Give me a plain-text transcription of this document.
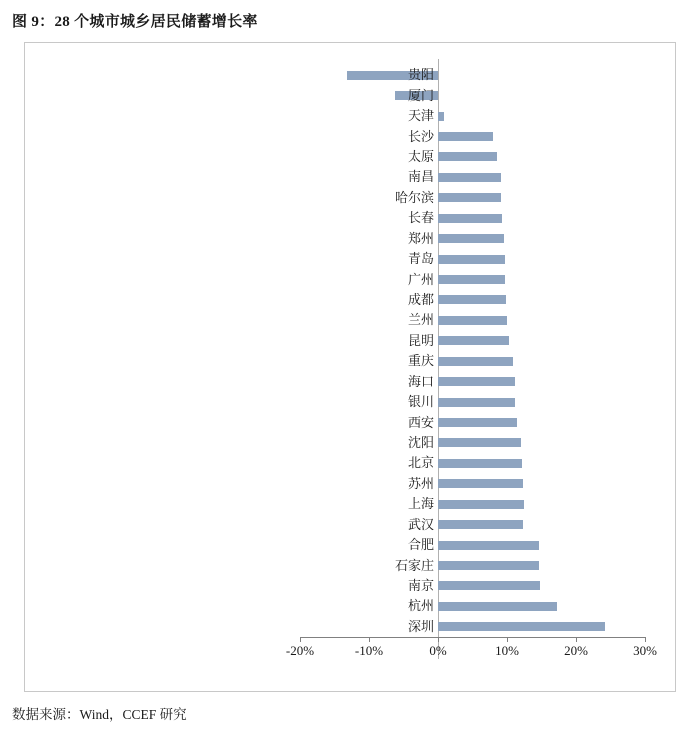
图 9：28 个城市城乡居民储蓄增长率
贵阳
厦门
天津
长沙
太原
南昌
哈尔滨
长春
郑州
青岛
广州
成都
兰州
昆明
重庆
海口
银川
西安
沈阳
北京
苏州
上海
武汉
合肥
石家庄
南京
杭州
深圳
-20%	-10%	0%	10%	20%	30%
数据来源：Wind，CCEF 研究
